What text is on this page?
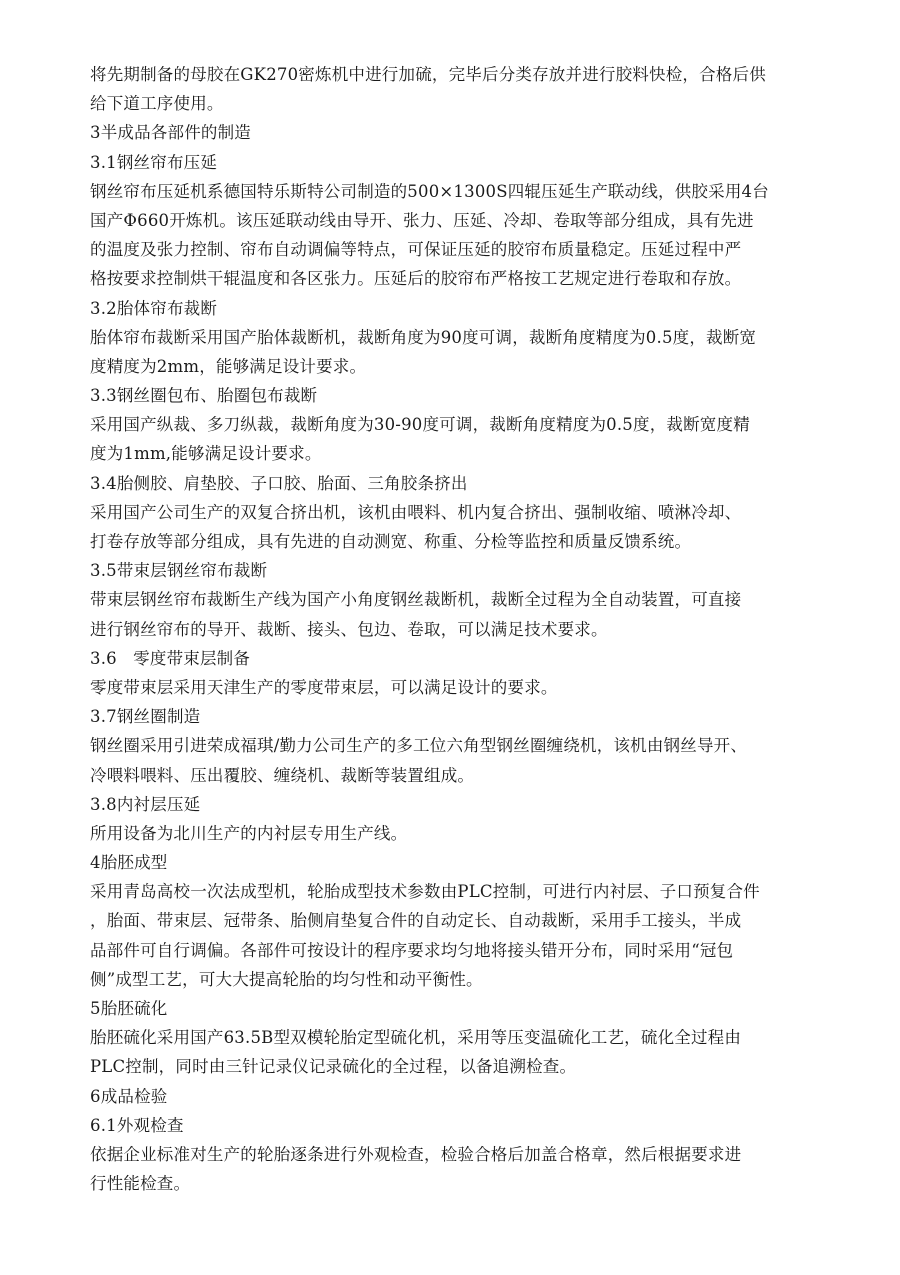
将先期制备的母胶在GK270密炼机中进行加硫，完毕后分类存放并进行胶料快检，合格后供
给下道工序使用。
3半成品各部件的制造
3.1钢丝帘布压延
钢丝帘布压延机系德国特乐斯特公司制造的500×1300S四辊压延生产联动线，供胶采用4台
国产Φ660开炼机。该压延联动线由导开、张力、压延、冷却、卷取等部分组成，具有先进
的温度及张力控制、帘布自动调偏等特点，可保证压延的胶帘布质量稳定。压延过程中严
格按要求控制烘干辊温度和各区张力。压延后的胶帘布严格按工艺规定进行卷取和存放。
3.2胎体帘布裁断
胎体帘布裁断采用国产胎体裁断机，裁断角度为90度可调，裁断角度精度为0.5度，裁断宽
度精度为2mm，能够满足设计要求。
3.3钢丝圈包布、胎圈包布裁断
采用国产纵裁、多刀纵裁，裁断角度为30-90度可调，裁断角度精度为0.5度，裁断宽度精
度为1mm,能够满足设计要求。
3.4胎侧胶、肩垫胶、子口胶、胎面、三角胶条挤出
采用国产公司生产的双复合挤出机，该机由喂料、机内复合挤出、强制收缩、喷淋冷却、
打卷存放等部分组成，具有先进的自动测宽、称重、分检等监控和质量反馈系统。
3.5带束层钢丝帘布裁断
带束层钢丝帘布裁断生产线为国产小角度钢丝裁断机，裁断全过程为全自动装置，可直接
进行钢丝帘布的导开、裁断、接头、包边、卷取，可以满足技术要求。
3.6   零度带束层制备
零度带束层采用天津生产的零度带束层，可以满足设计的要求。
3.7钢丝圈制造
钢丝圈采用引进荣成福琪/勤力公司生产的多工位六角型钢丝圈缠绕机，该机由钢丝导开、
冷喂料喂料、压出覆胶、缠绕机、裁断等装置组成。
3.8内衬层压延
所用设备为北川生产的内衬层专用生产线。
4胎胚成型
采用青岛高校一次法成型机，轮胎成型技术参数由PLC控制，可进行内衬层、子口预复合件
，胎面、带束层、冠带条、胎侧肩垫复合件的自动定长、自动裁断，采用手工接头，半成
品部件可自行调偏。各部件可按设计的程序要求均匀地将接头错开分布，同时采用“冠包
侧”成型工艺，可大大提高轮胎的均匀性和动平衡性。
5胎胚硫化
胎胚硫化采用国产63.5B型双模轮胎定型硫化机，采用等压变温硫化工艺，硫化全过程由
PLC控制，同时由三针记录仪记录硫化的全过程，以备追溯检查。
6成品检验
6.1外观检查
依据企业标准对生产的轮胎逐条进行外观检查，检验合格后加盖合格章，然后根据要求进
行性能检查。
